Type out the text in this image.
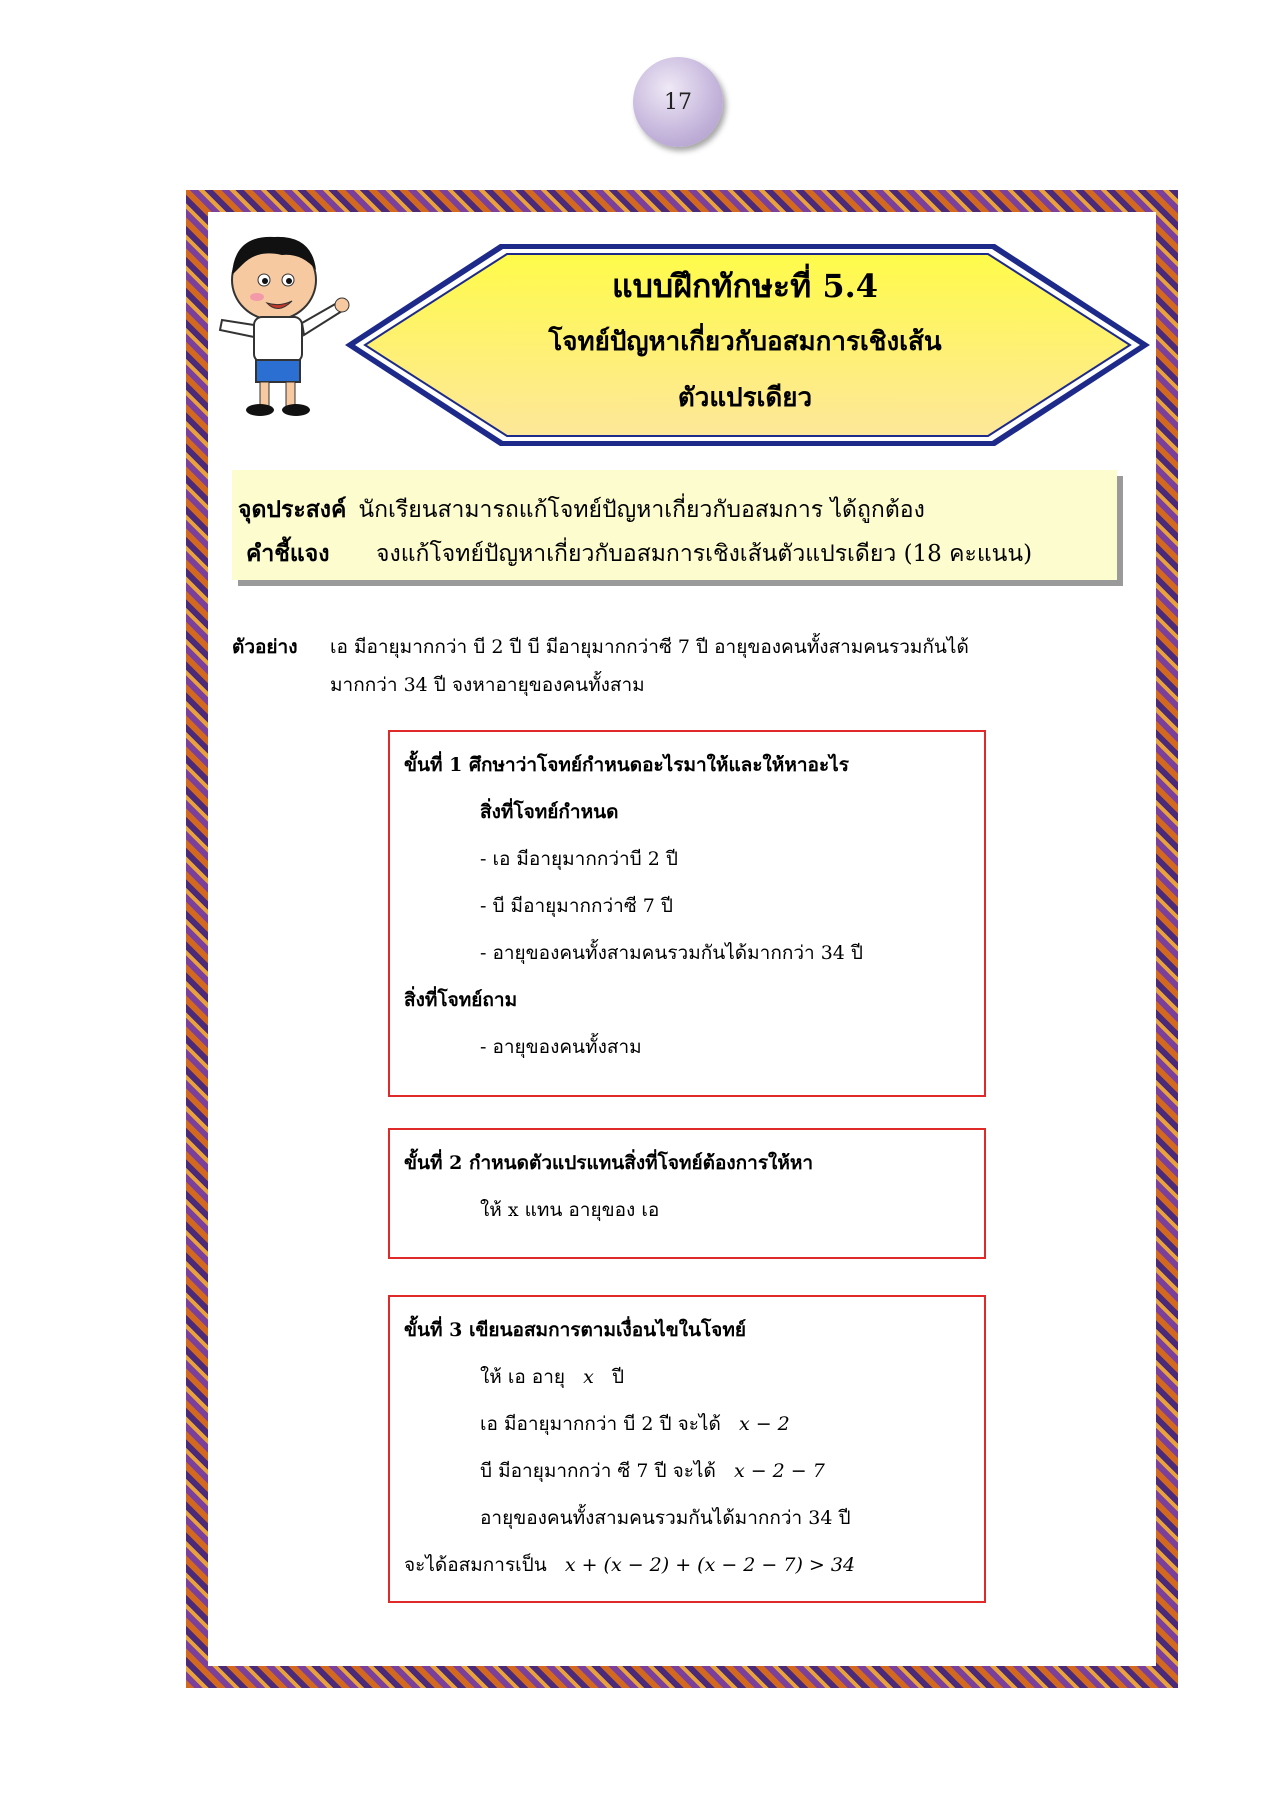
17
แบบฝึกทักษะที่ 5.4
โจทย์ปัญหาเกี่ยวกับอสมการเชิงเส้น
ตัวแปรเดียว
จุดประสงค์ นักเรียนสามารถแก้โจทย์ปัญหาเกี่ยวกับอสมการ ได้ถูกต้อง
คำชี้แจง	จงแก้โจทย์ปัญหาเกี่ยวกับอสมการเชิงเส้นตัวแปรเดียว (18 คะแนน)
ตัวอย่าง	เอ มีอายุมากกว่า บี 2 ปี บี มีอายุมากกว่าซี 7 ปี อายุของคนทั้งสามคนรวมกันได้
มากกว่า 34 ปี จงหาอายุของคนทั้งสาม
ขั้นที่ 1 ศึกษาว่าโจทย์กำหนดอะไรมาให้และให้หาอะไร
สิ่งที่โจทย์กำหนด
- เอ มีอายุมากกว่าบี 2 ปี
- บี มีอายุมากกว่าซี 7 ปี
- อายุของคนทั้งสามคนรวมกันได้มากกว่า 34 ปี
สิ่งที่โจทย์ถาม
- อายุของคนทั้งสาม
ขั้นที่ 2 กำหนดตัวแปรแทนสิ่งที่โจทย์ต้องการให้หา
ให้ x แทน อายุของ เอ
ขั้นที่ 3 เขียนอสมการตามเงื่อนไขในโจทย์
ให้ เอ อายุ x ปี
เอ มีอายุมากกว่า บี 2 ปี จะได้ x − 2
บี มีอายุมากกว่า ซี 7 ปี จะได้ x − 2 − 7
อายุของคนทั้งสามคนรวมกันได้มากกว่า 34 ปี
จะได้อสมการเป็น x + (x − 2) + (x − 2 − 7) > 34
